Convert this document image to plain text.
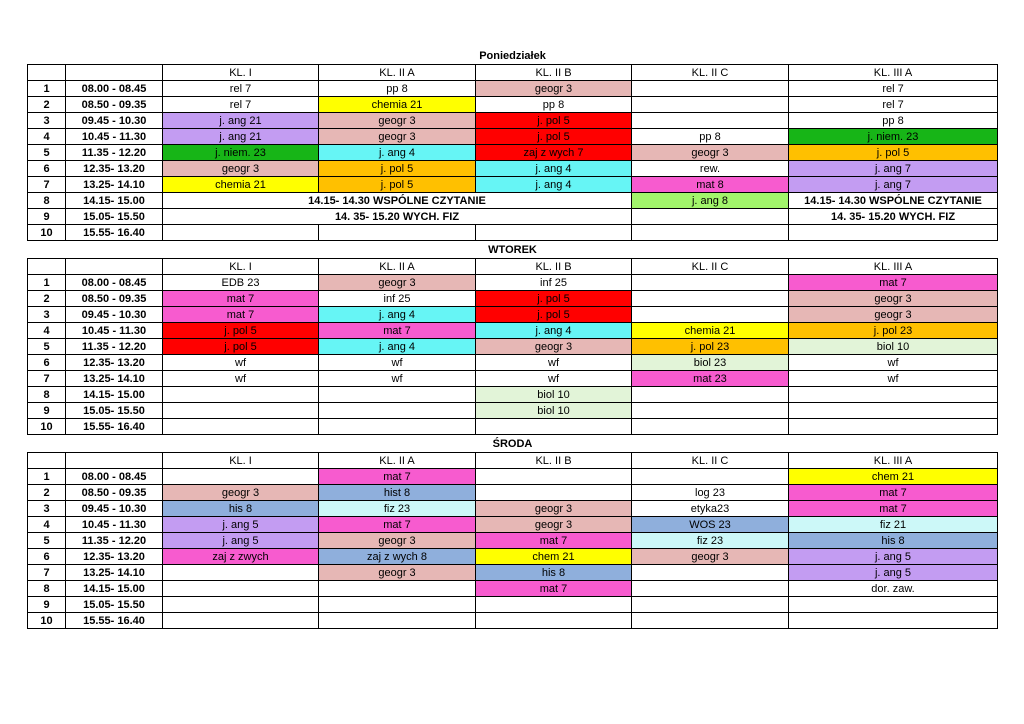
Poniedziałek						
		KL. I	KL. II A	KL. II B	KL. II C	KL. III A
1	08.00 - 08.45	rel 7	pp 8	geogr 3		rel 7
2	08.50 - 09.35	rel 7	chemia 21	pp 8		rel 7
3	09.45 - 10.30	j. ang 21	geogr 3	j. pol 5		pp 8
4	10.45 - 11.30	j. ang 21	geogr 3	j. pol 5	pp 8	j. niem. 23
5	11.35 - 12.20	j. niem. 23	j. ang 4	zaj z wych 7	geogr 3	j. pol 5
6	12.35- 13.20	geogr 3	j. pol 5	j. ang 4	rew.	j. ang 7
7	13.25- 14.10	chemia 21	j. pol 5	j. ang 4	mat 8	j. ang 7
8	14.15- 15.00	14.15- 14.30 WSPÓLNE CZYTANIE			j. ang 8	14.15- 14.30 WSPÓLNE CZYTANIE
9	15.05- 15.50	14. 35- 15.20 WYCH. FIZ				14. 35- 15.20 WYCH. FIZ
10	15.55- 16.40					
WTOREK						
		KL. I	KL. II A	KL. II B	KL. II C	KL. III A
1	08.00 - 08.45	EDB 23	geogr 3	inf 25		mat 7
2	08.50 - 09.35	mat 7	inf 25	j. pol 5		geogr 3
3	09.45 - 10.30	mat 7	j. ang 4	j. pol 5		geogr 3
4	10.45 - 11.30	j. pol 5	mat 7	j. ang 4	chemia 21	j. pol 23
5	11.35 - 12.20	j. pol 5	j. ang 4	geogr 3	j. pol 23	biol 10
6	12.35- 13.20	wf	wf	wf	biol 23	wf
7	13.25- 14.10	wf	wf	wf	mat 23	wf
8	14.15- 15.00			biol 10		
9	15.05- 15.50			biol 10		
10	15.55- 16.40					
ŚRODA						
		KL. I	KL. II A	KL. II B	KL. II C	KL. III A
1	08.00 - 08.45		mat 7			chem 21
2	08.50 - 09.35	geogr 3	hist 8		log 23	mat 7
3	09.45 - 10.30	his 8	fiz 23	geogr 3	etyka23	mat 7
4	10.45 - 11.30	j. ang 5	mat 7	geogr 3	WOS 23	fiz 21
5	11.35 - 12.20	j. ang 5	geogr 3	mat 7	fiz 23	his 8
6	12.35- 13.20	zaj z zwych	zaj z wych 8	chem 21	geogr 3	j. ang 5
7	13.25- 14.10		geogr 3	his 8		j. ang 5
8	14.15- 15.00			mat 7		dor. zaw.
9	15.05- 15.50					
10	15.55- 16.40					
